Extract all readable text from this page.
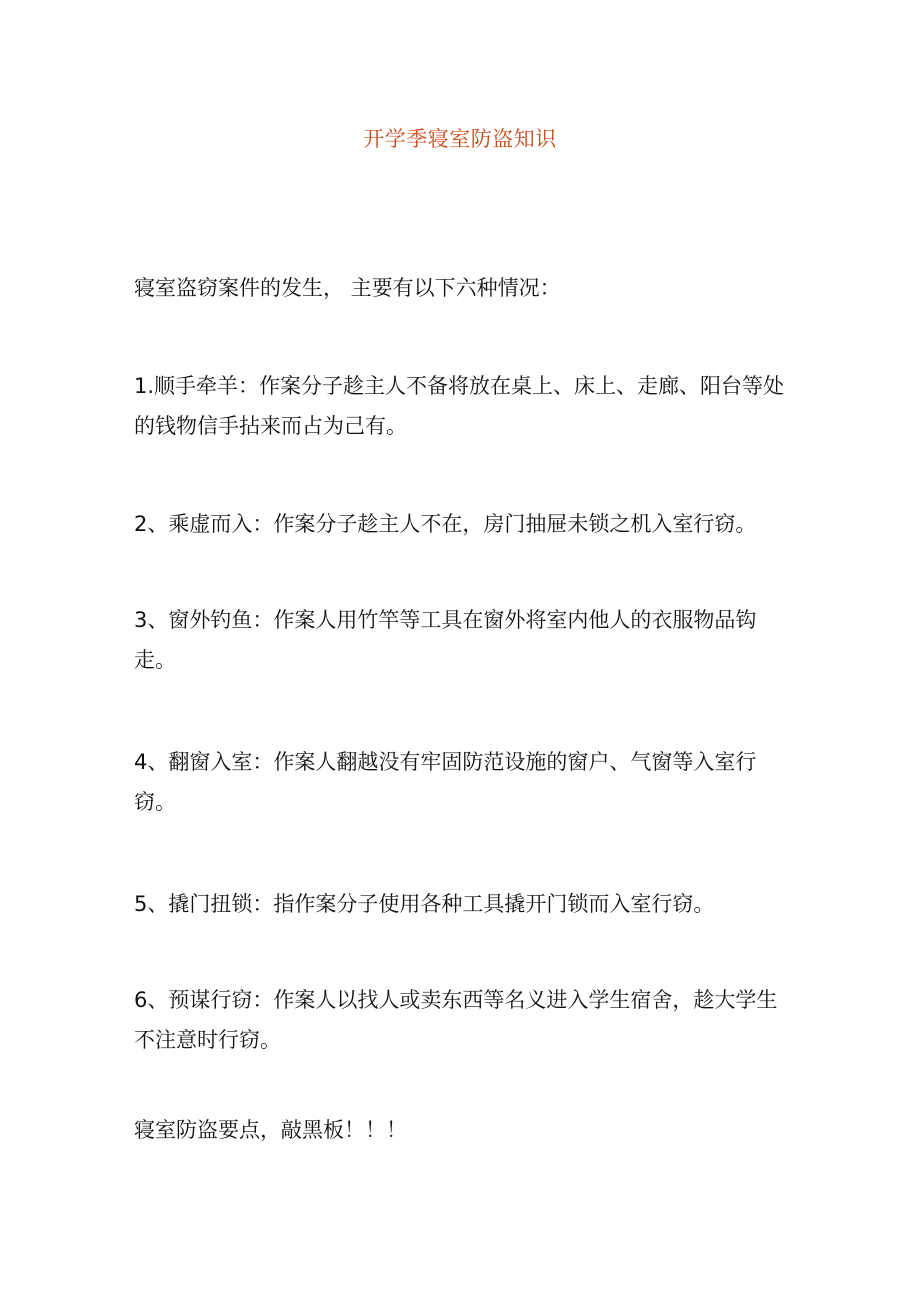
开学季寝室防盗知识

寝室盗窃案件的发生， 主要有以下六种情况：

1.顺手牵羊：作案分子趁主人不备将放在桌上、床上、走廊、阳台等处的钱物信手拈来而占为己有。

2、乘虚而入：作案分子趁主人不在，房门抽屉未锁之机入室行窃。

3、窗外钓鱼：作案人用竹竿等工具在窗外将室内他人的衣服物品钩走。

4、翻窗入室：作案人翻越没有牢固防范设施的窗户、气窗等入室行窃。

5、撬门扭锁：指作案分子使用各种工具撬开门锁而入室行窃。

6、预谋行窃：作案人以找人或卖东西等名义进入学生宿舍，趁大学生不注意时行窃。

寝室防盗要点，敲黑板！！！
